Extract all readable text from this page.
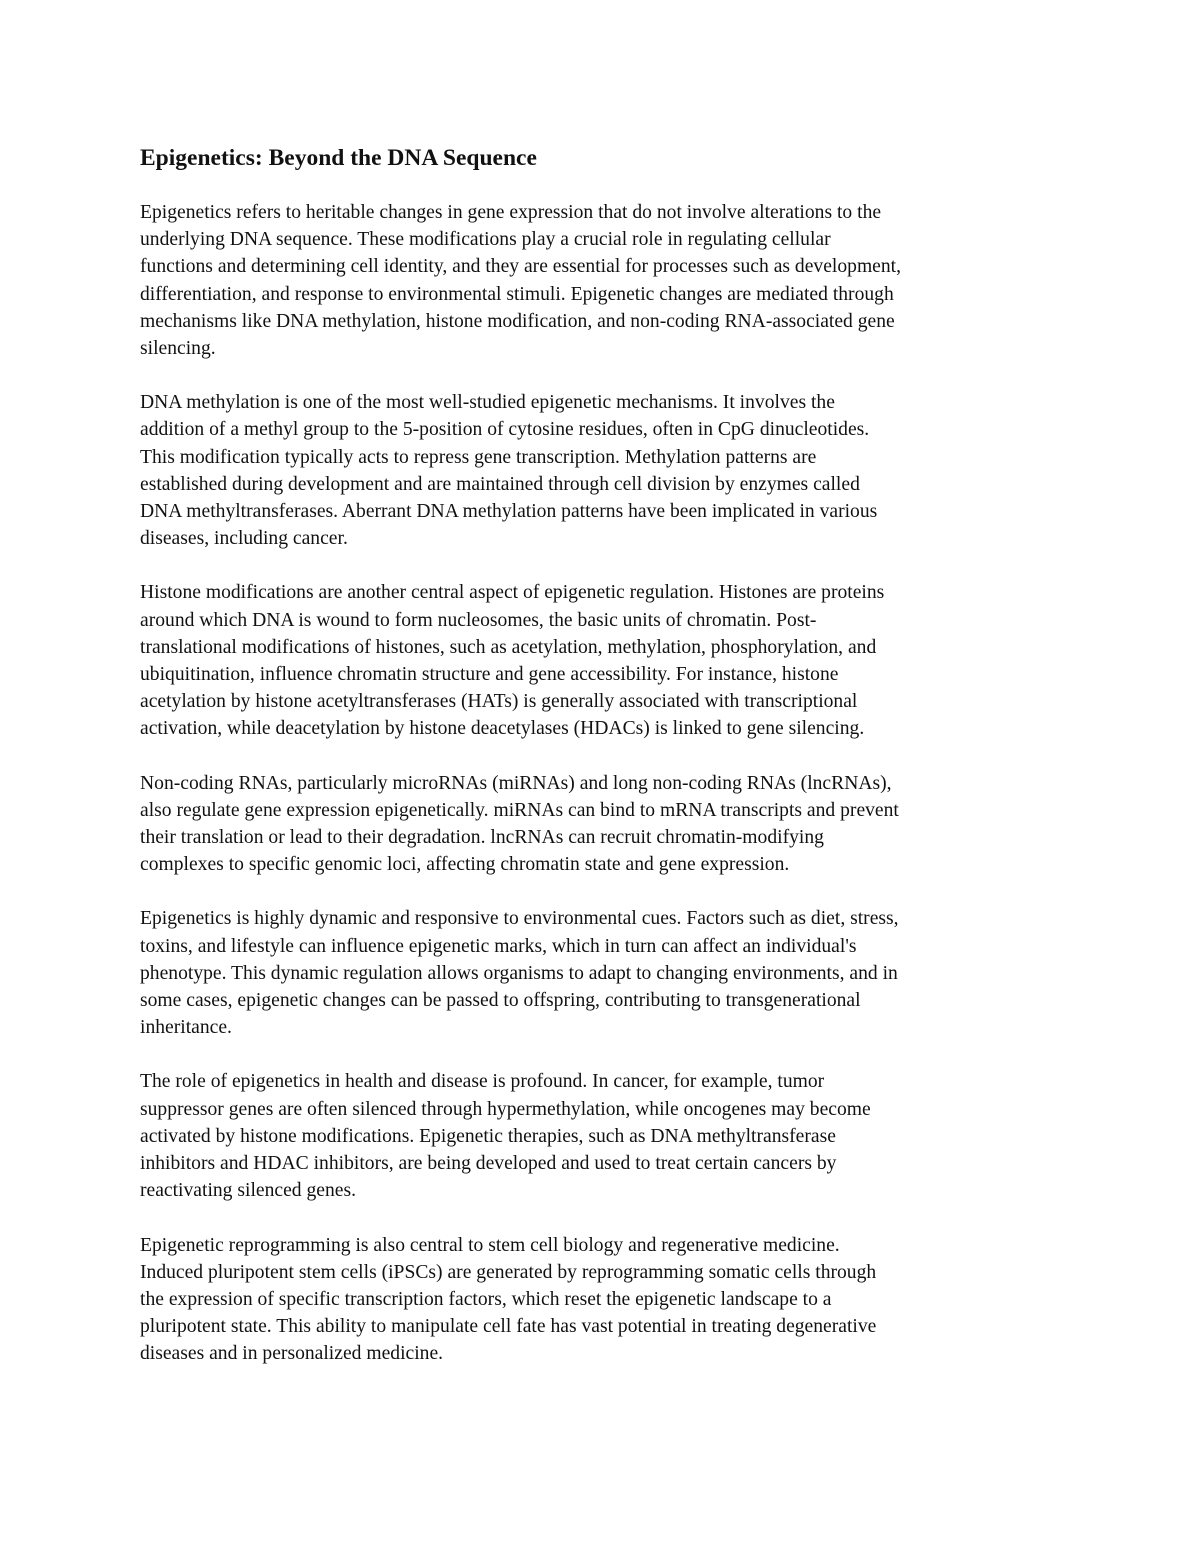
Epigenetics: Beyond the DNA Sequence
Epigenetics refers to heritable changes in gene expression that do not involve alterations to the
underlying DNA sequence. These modifications play a crucial role in regulating cellular
functions and determining cell identity, and they are essential for processes such as development,
differentiation, and response to environmental stimuli. Epigenetic changes are mediated through
mechanisms like DNA methylation, histone modification, and non-coding RNA-associated gene
silencing.
DNA methylation is one of the most well-studied epigenetic mechanisms. It involves the
addition of a methyl group to the 5-position of cytosine residues, often in CpG dinucleotides.
This modification typically acts to repress gene transcription. Methylation patterns are
established during development and are maintained through cell division by enzymes called
DNA methyltransferases. Aberrant DNA methylation patterns have been implicated in various
diseases, including cancer.
Histone modifications are another central aspect of epigenetic regulation. Histones are proteins
around which DNA is wound to form nucleosomes, the basic units of chromatin. Post-
translational modifications of histones, such as acetylation, methylation, phosphorylation, and
ubiquitination, influence chromatin structure and gene accessibility. For instance, histone
acetylation by histone acetyltransferases (HATs) is generally associated with transcriptional
activation, while deacetylation by histone deacetylases (HDACs) is linked to gene silencing.
Non-coding RNAs, particularly microRNAs (miRNAs) and long non-coding RNAs (lncRNAs),
also regulate gene expression epigenetically. miRNAs can bind to mRNA transcripts and prevent
their translation or lead to their degradation. lncRNAs can recruit chromatin-modifying
complexes to specific genomic loci, affecting chromatin state and gene expression.
Epigenetics is highly dynamic and responsive to environmental cues. Factors such as diet, stress,
toxins, and lifestyle can influence epigenetic marks, which in turn can affect an individual's
phenotype. This dynamic regulation allows organisms to adapt to changing environments, and in
some cases, epigenetic changes can be passed to offspring, contributing to transgenerational
inheritance.
The role of epigenetics in health and disease is profound. In cancer, for example, tumor
suppressor genes are often silenced through hypermethylation, while oncogenes may become
activated by histone modifications. Epigenetic therapies, such as DNA methyltransferase
inhibitors and HDAC inhibitors, are being developed and used to treat certain cancers by
reactivating silenced genes.
Epigenetic reprogramming is also central to stem cell biology and regenerative medicine.
Induced pluripotent stem cells (iPSCs) are generated by reprogramming somatic cells through
the expression of specific transcription factors, which reset the epigenetic landscape to a
pluripotent state. This ability to manipulate cell fate has vast potential in treating degenerative
diseases and in personalized medicine.
